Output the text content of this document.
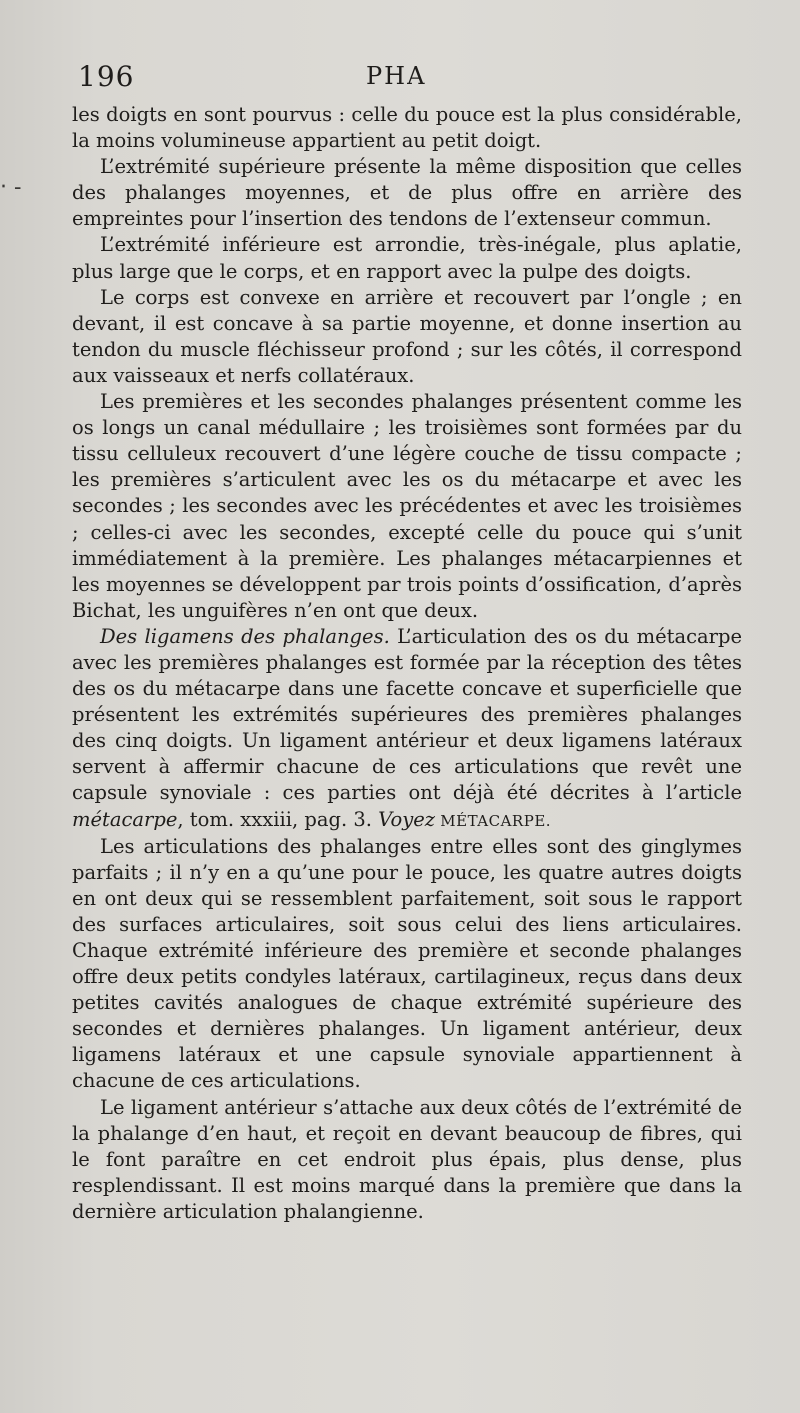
‧ -
196	PHA

les doigts en sont pourvus : celle du pouce est la plus considérable, la moins volumineuse appartient au petit doigt.

L’extrémité supérieure présente la même disposition que celles des phalanges moyennes, et de plus offre en arrière des empreintes pour l’insertion des tendons de l’extenseur commun.

L’extrémité inférieure est arrondie, très-inégale, plus aplatie, plus large que le corps, et en rapport avec la pulpe des doigts.

Le corps est convexe en arrière et recouvert par l’ongle ; en devant, il est concave à sa partie moyenne, et donne insertion au tendon du muscle fléchisseur profond ; sur les côtés, il correspond aux vaisseaux et nerfs collatéraux.

Les premières et les secondes phalanges présentent comme les os longs un canal médullaire ; les troisièmes sont formées par du tissu celluleux recouvert d’une légère couche de tissu compacte ; les premières s’articulent avec les os du métacarpe et avec les secondes ; les secondes avec les précédentes et avec les troisièmes ; celles-ci avec les secondes, excepté celle du pouce qui s’unit immédiatement à la première. Les phalanges métacarpiennes et les moyennes se développent par trois points d’ossification, d’après Bichat, les unguifères n’en ont que deux.

Des ligamens des phalanges. L’articulation des os du métacarpe avec les premières phalanges est formée par la réception des têtes des os du métacarpe dans une facette concave et superficielle que présentent les extrémités supérieures des premières phalanges des cinq doigts. Un ligament antérieur et deux ligamens latéraux servent à affermir chacune de ces articulations que revêt une capsule synoviale : ces parties ont déjà été décrites à l’article métacarpe, tom. xxxiii, pag. 3. Voyez MÉTACARPE.

Les articulations des phalanges entre elles sont des ginglymes parfaits ; il n’y en a qu’une pour le pouce, les quatre autres doigts en ont deux qui se ressemblent parfaitement, soit sous le rapport des surfaces articulaires, soit sous celui des liens articulaires. Chaque extrémité inférieure des première et seconde phalanges offre deux petits condyles latéraux, cartilagineux, reçus dans deux petites cavités analogues de chaque extrémité supérieure des secondes et dernières phalanges. Un ligament antérieur, deux ligamens latéraux et une capsule synoviale appartiennent à chacune de ces articulations.

Le ligament antérieur s’attache aux deux côtés de l’extrémité de la phalange d’en haut, et reçoit en devant beaucoup de fibres, qui le font paraître en cet endroit plus épais, plus dense, plus resplendissant. Il est moins marqué dans la première que dans la dernière articulation phalangienne.
